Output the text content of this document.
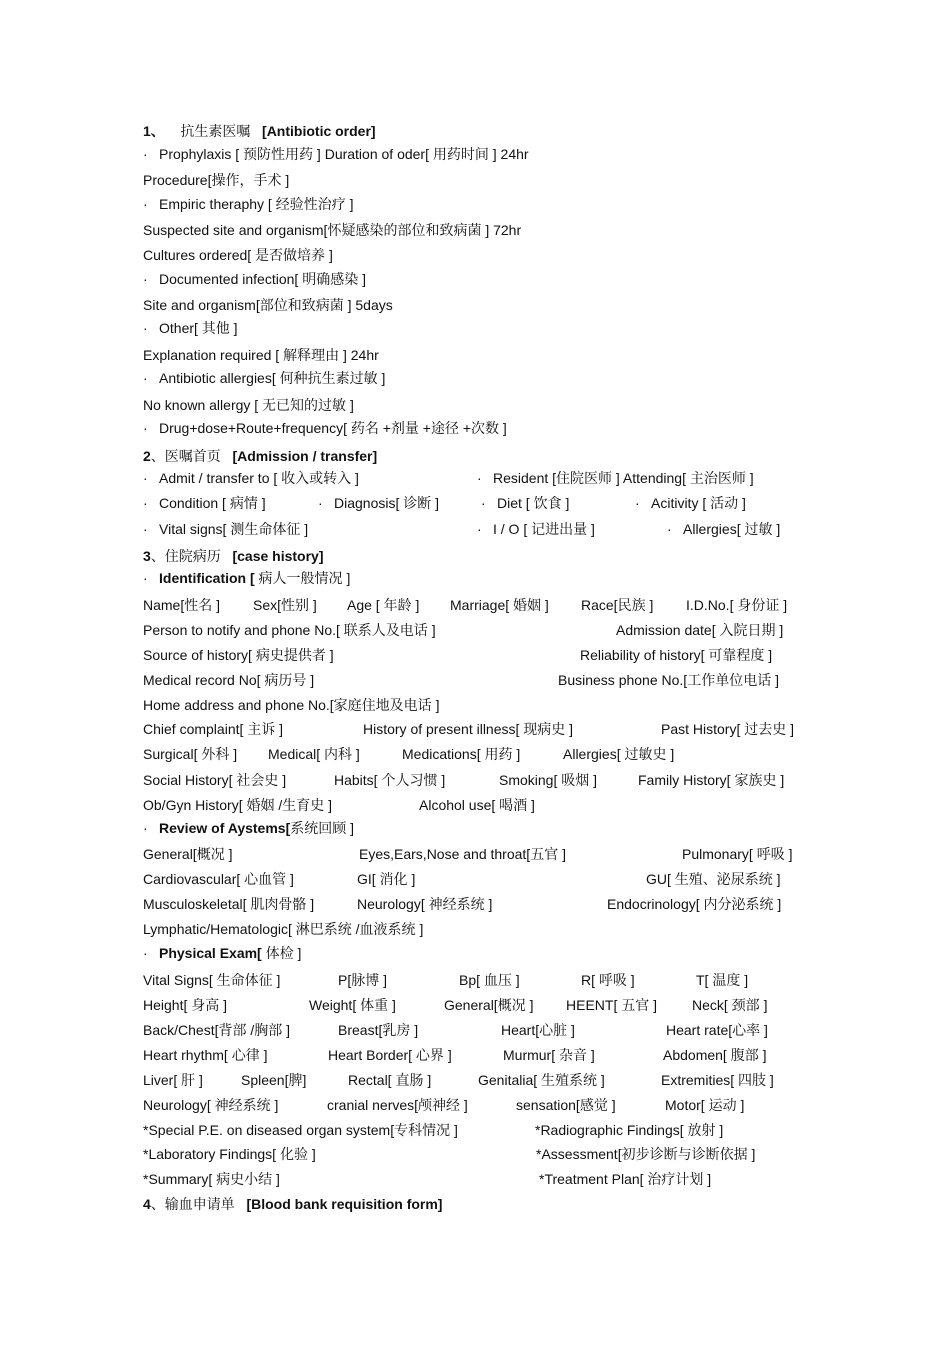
1、 抗生素医嘱 [Antibiotic order]
· Prophylaxis [ 预防性用药 ] Duration of oder[ 用药时间 ] 24hr
Procedure[操作，手术 ]
· Empiric theraphy [ 经验性治疗 ]
Suspected site and organism[怀疑感染的部位和致病菌 ] 72hr
Cultures ordered[ 是否做培养 ]
· Documented infection[ 明确感染 ]
Site and organism[部位和致病菌 ] 5days
· Other[ 其他 ]
Explanation required [ 解释理由 ] 24hr
· Antibiotic allergies[ 何种抗生素过敏 ]
No known allergy [ 无已知的过敏 ]
· Drug+dose+Route+frequency[ 药名 +剂量 +途径 +次数 ]
2、医嘱首页 [Admission / transfer]
· Admit / transfer to [ 收入或转入 ]	· Resident [住院医师 ] Attending[ 主治医师 ]
· Condition [ 病情 ]	· Diagnosis[ 诊断 ]	· Diet [ 饮食 ]	· Acitivity [ 活动 ]
· Vital signs[ 测生命体征 ]	· I / O [ 记进出量 ]	· Allergies[ 过敏 ]
3、住院病历 [case history]
· Identification [ 病人一般情况 ]
Name[性名 ] Sex[性别 ] Age [ 年龄 ] Marriage[ 婚姻 ] Race[民族 ] I.D.No.[ 身份证 ]
Person to notify and phone No.[ 联系人及电话 ]	Admission date[ 入院日期 ]
Source of history[ 病史提供者 ]	Reliability of history[ 可靠程度 ]
Medical record No[ 病历号 ]	Business phone No.[工作单位电话 ]
Home address and phone No.[家庭住地及电话 ]
Chief complaint[ 主诉 ]	History of present illness[ 现病史 ]	Past History[ 过去史 ]
Surgical[ 外科 ] Medical[ 内科 ]	Medications[ 用药 ]	Allergies[ 过敏史 ]
Social History[ 社会史 ]	Habits[ 个人习惯 ]	Smoking[ 吸烟 ]	Family History[ 家族史 ]
Ob/Gyn History[ 婚姻 /生育史 ]	Alcohol use[ 喝酒 ]
· Review of Aystems[系统回顾 ]
General[概况 ]	Eyes,Ears,Nose and throat[五官 ]	Pulmonary[ 呼吸 ]
Cardiovascular[ 心血管 ]	GI[ 消化 ]	GU[ 生殖、泌尿系统 ]
Musculoskeletal[ 肌肉骨骼 ]	Neurology[ 神经系统 ]	Endocrinology[ 内分泌系统 ]
Lymphatic/Hematologic[ 淋巴系统 /血液系统 ]
· Physical Exam[ 体检 ]
Vital Signs[ 生命体征 ]	P[脉博 ]	Bp[ 血压 ]	R[ 呼吸 ]	T[ 温度 ]
Height[ 身高 ]	Weight[ 体重 ]	General[概况 ] HEENT[ 五官 ] Neck[ 颈部 ]
Back/Chest[背部 /胸部 ]	Breast[乳房 ]	Heart[心脏 ]	Heart rate[心率 ]
Heart rhythm[ 心律 ]	Heart Border[ 心界 ]	Murmur[ 杂音 ]	Abdomen[ 腹部 ]
Liver[ 肝 ]	Spleen[脾]	Rectal[ 直肠 ]	Genitalia[ 生殖系统 ]	Extremities[ 四肢 ]
Neurology[ 神经系统 ]	cranial nerves[颅神经 ]	sensation[感觉 ]	Motor[ 运动 ]
*Special P.E. on diseased organ system[专科情况 ]	*Radiographic Findings[ 放射 ]
*Laboratory Findings[ 化验 ]	*Assessment[初步诊断与诊断依据 ]
*Summary[ 病史小结 ]	*Treatment Plan[ 治疗计划 ]
4、输血申请单 [Blood bank requisition form]
